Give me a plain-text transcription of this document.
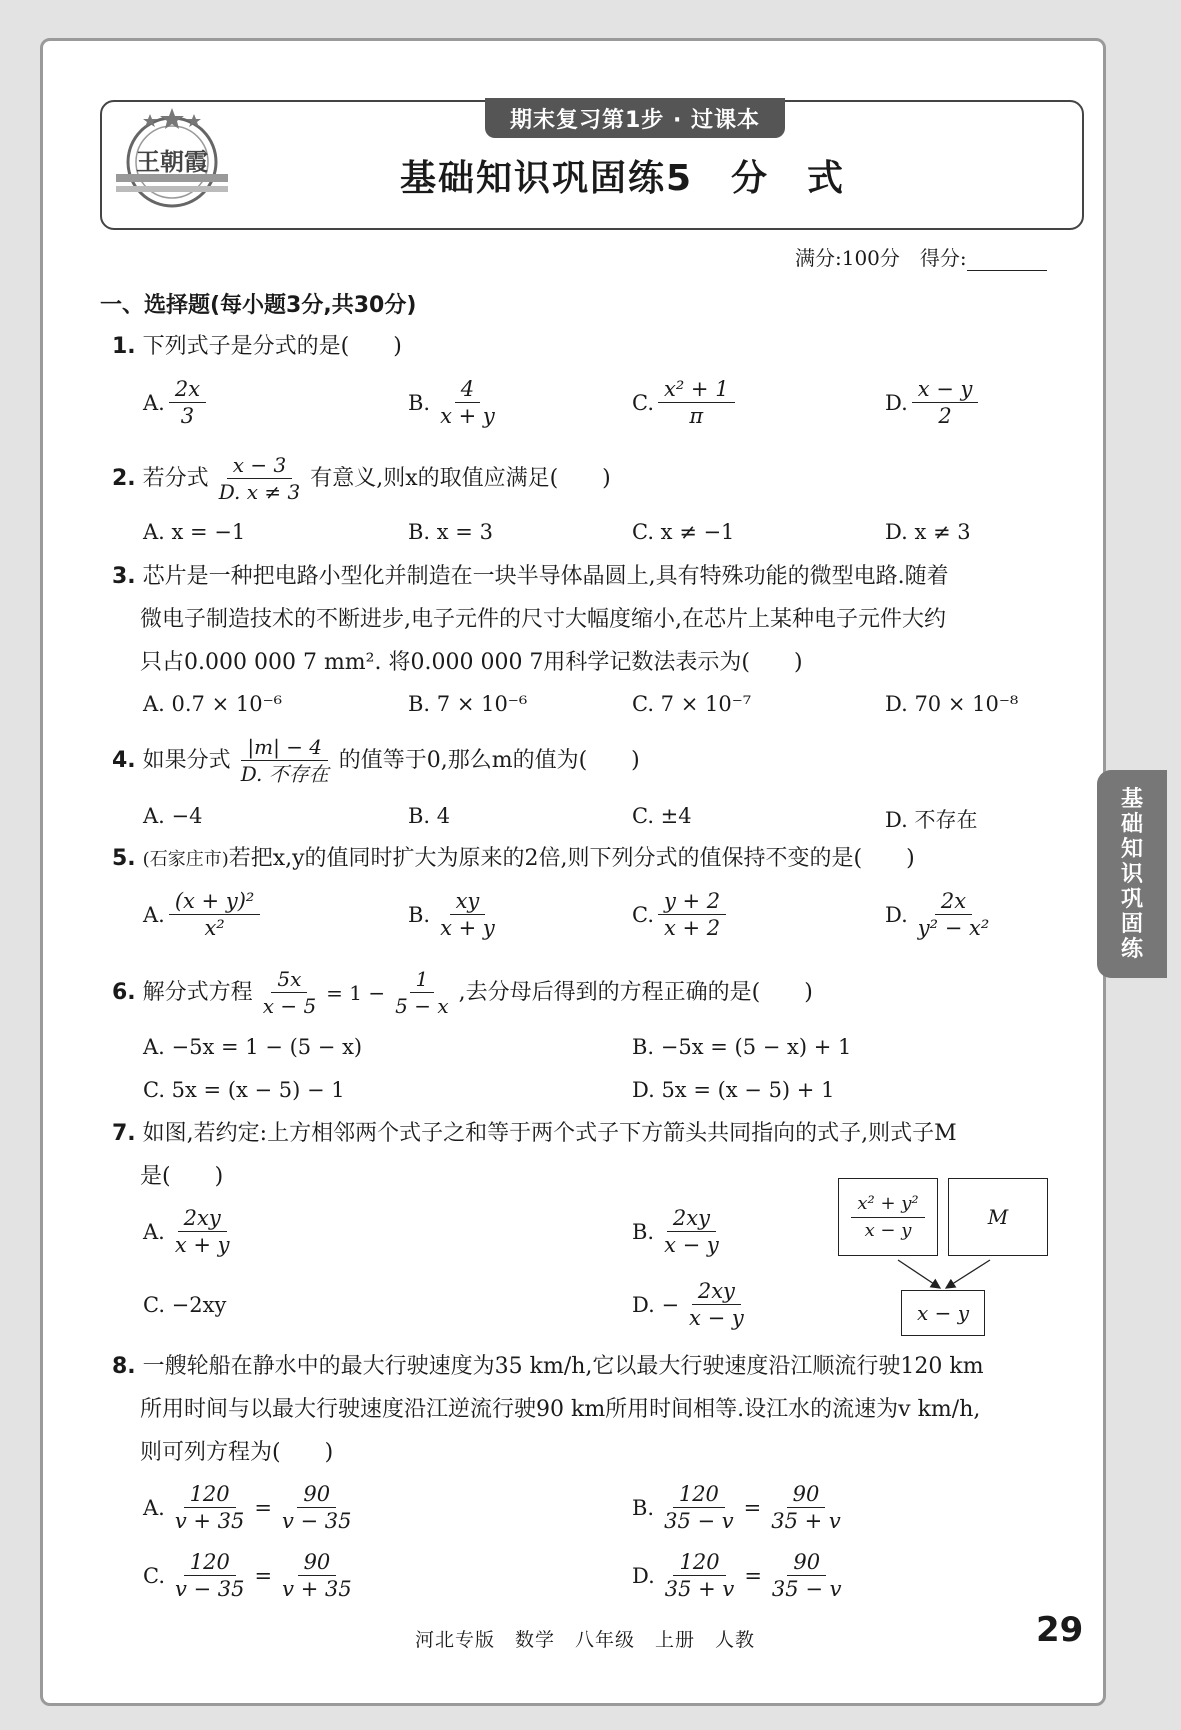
王朝霞
期末复习第1步 · 过课本
基础知识巩固练5　分　式
满分:100分　得分:
一、选择题(每小题3分,共30分)
1. 下列式子是分式的是(　　)
A. $\frac{2x}{3}$	B. $\frac{4}{x + y}$	C. $\frac{\text{x² + 1}}{\pi}$	D. $\frac{x - y}{2}$
2.
若分式 $\frac{x - 3}{D. x \ne 3}$ 有意义,则x的取值应满足(　　)
A. x = −1	B. x = 3	C. x ≠ −1	D. x ≠ 3
3. 芯片是一种把电路小型化并制造在一块半导体晶圆上,具有特殊功能的微型电路.随着
微电子制造技术的不断进步,电子元件的尺寸大幅度缩小,在芯片上某种电子元件大约
只占0.000 000 7 mm². 将0.000 000 7用科学记数法表示为(　　)
A. 0.7 × 10⁻⁶	B. 7 × 10⁻⁶	C. 7 × 10⁻⁷	D. 70 × 10⁻⁸
4.
如果分式 $\frac{|m| - 4}{\text{D. 不存在}}$ 的值等于0,那么m的值为(　　)
A. −4	B. 4	C. ±4	D. 不存在
5. (石家庄市)若把x,y的值同时扩大为原来的2倍,则下列分式的值保持不变的是(　　)
A. $\frac{\text{(x + y)²}}{\text{x²}}$	B. $\frac{xy}{x + y}$	C. $\frac{y + 2}{x + 2}$	D. $\frac{2x}{\text{y² − x²}}$
6.
解分式方程 $\frac{5x}{x - 5} = 1 - \frac{1}{5 - x}$ ,去分母后得到的方程正确的是(　　)
A. −5x = 1 − (5 − x)	B. −5x = (5 − x) + 1
C. 5x = (x − 5) − 1	D. 5x = (x − 5) + 1
7. 如图,若约定:上方相邻两个式子之和等于两个式子下方箭头共同指向的式子,则式子M
是(　　)
A. $\frac{2xy}{x + y}$	B. $\frac{2xy}{x - y}$
C. −2xy	D. − $\frac{2xy}{x - y}$
$\frac{\text{x² + y²}}{x - y}$	M
x − y
8. 一艘轮船在静水中的最大行驶速度为35 km/h,它以最大行驶速度沿江顺流行驶120 km
所用时间与以最大行驶速度沿江逆流行驶90 km所用时间相等.设江水的流速为v km/h,
则可列方程为(　　)
A. $\frac{120}{v + 35} = \frac{90}{v - 35}$	B. $\frac{120}{35 - v} = \frac{90}{35 + v}$
C. $\frac{120}{v - 35} = \frac{90}{v + 35}$	D. $\frac{120}{35 + v} = \frac{90}{35 - v}$
基
础
知
识
巩
固
练
河北专版　数学　八年级　上册　人教	29
